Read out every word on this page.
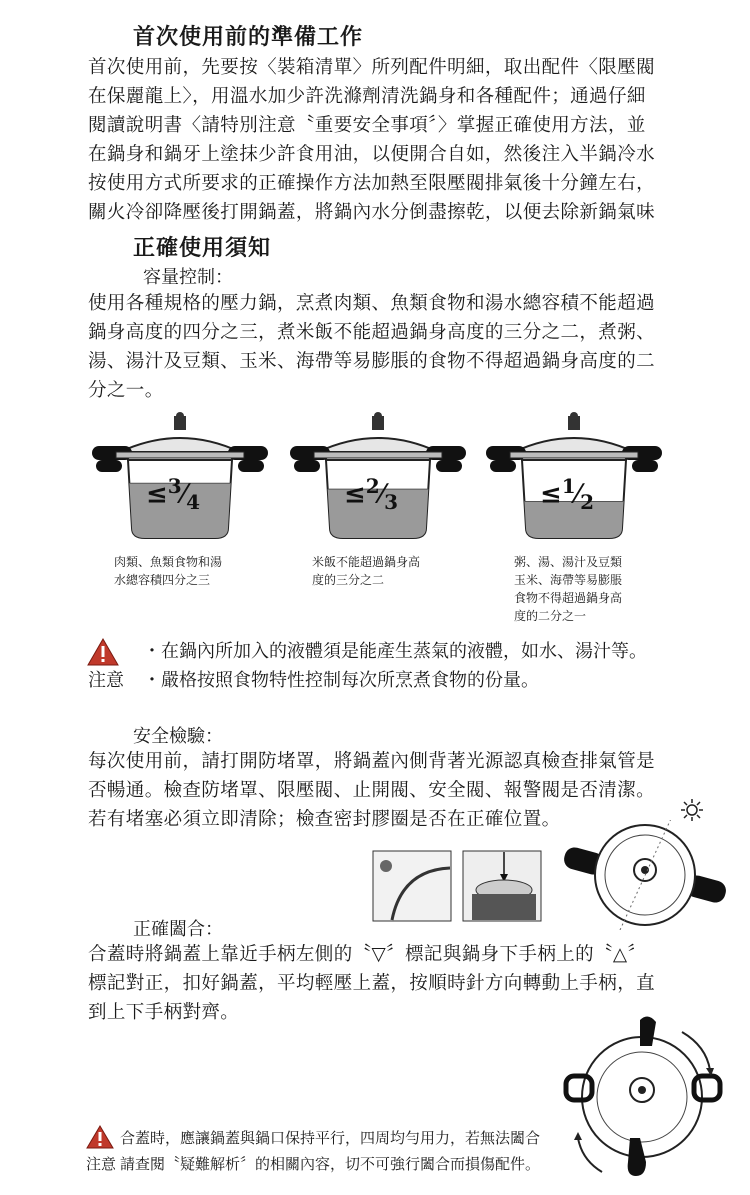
首次使用前的準備工作
首次使用前，先要按〈裝箱清單〉所列配件明細，取出配件〈限壓閥
在保麗龍上〉，用溫水加少許洗滌劑清洗鍋身和各種配件；通過仔細
閱讀說明書〈請特別注意〝重要安全事項〞〉掌握正確使用方法，並
在鍋身和鍋牙上塗抹少許食用油，以便開合自如，然後注入半鍋冷水
按使用方式所要求的正確操作方法加熱至限壓閥排氣後十分鐘左右，
關火冷卻降壓後打開鍋蓋，將鍋內水分倒盡擦乾，以便去除新鍋氣味
正確使用須知
容量控制：
使用各種規格的壓力鍋，烹煮肉類、魚類食物和湯水總容積不能超過
鍋身高度的四分之三，煮米飯不能超過鍋身高度的三分之二，煮粥、
湯、湯汁及豆類、玉米、海帶等易膨脹的食物不得超過鍋身高度的二
分之一。
$\le^3⁄_4$
肉類、魚類食物和湯
水總容積四分之三
$\le^2⁄_3$
米飯不能超過鍋身高
度的三分之二
$\le^1⁄_2$
粥、湯、湯汁及豆類
玉米、海帶等易膨脹
食物不得超過鍋身高
度的二分之一
・在鍋內所加入的液體須是能產生蒸氣的液體，如水、湯汁等。
注意 ・嚴格按照食物特性控制每次所烹煮食物的份量。
安全檢驗：
每次使用前，請打開防堵罩，將鍋蓋內側背著光源認真檢查排氣管是
否暢通。檢查防堵罩、限壓閥、止開閥、安全閥、報警閥是否清潔。
若有堵塞必須立即清除；檢查密封膠圈是否在正確位置。
正確闔合：
合蓋時將鍋蓋上靠近手柄左側的〝▽〞標記與鍋身下手柄上的〝△〞
標記對正，扣好鍋蓋，平均輕壓上蓋，按順時針方向轉動上手柄，直
到上下手柄對齊。
合蓋時，應讓鍋蓋與鍋口保持平行，四周均勻用力，若無法闔合
注意 請查閱〝疑難解析〞的相關內容，切不可強行闔合而損傷配件。
